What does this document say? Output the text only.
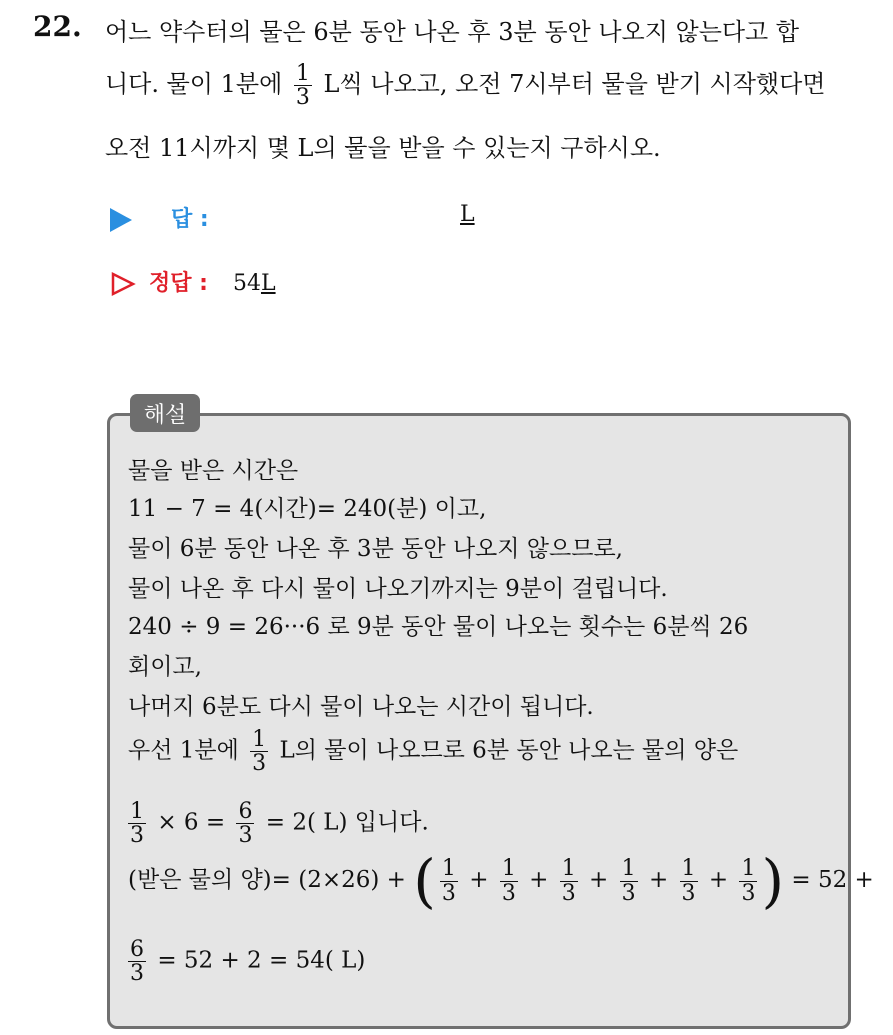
22. 어느 약수터의 물은 6분 동안 나온 후 3분 동안 나오지 않는다고 합
니다. 물이 1분에 $\frac{1}{3}$ L씩 나오고, 오전 7시부터 물을 받기 시작했다면
오전 11시까지 몇 L의 물을 받을 수 있는지 구하시오.
답 :	L
정답 : 54L
해설
물을 받은 시간은
11 − 7 = 4(시간)= 240(분) 이고,
물이 6분 동안 나온 후 3분 동안 나오지 않으므로,
물이 나온 후 다시 물이 나오기까지는 9분이 걸립니다.
240 ÷ 9 = 26···6 로 9분 동안 물이 나오는 횟수는 6분씩 26
회이고,
나머지 6분도 다시 물이 나오는 시간이 됩니다.
우선 1분에 $\frac{1}{3}$ L의 물이 나오므로 6분 동안 나오는 물의 양은
$\frac{1}{3} \times 6 = \frac{6}{3} = 2$( L) 입니다.
(받은 물의 양)= (2×26) + ( $\frac{1}{3} + \frac{1}{3} + \frac{1}{3} + \frac{1}{3} + \frac{1}{3} + \frac{1}{3}$ ) = 52 +
$\frac{6}{3} = 52 + 2 = 54$( L)
